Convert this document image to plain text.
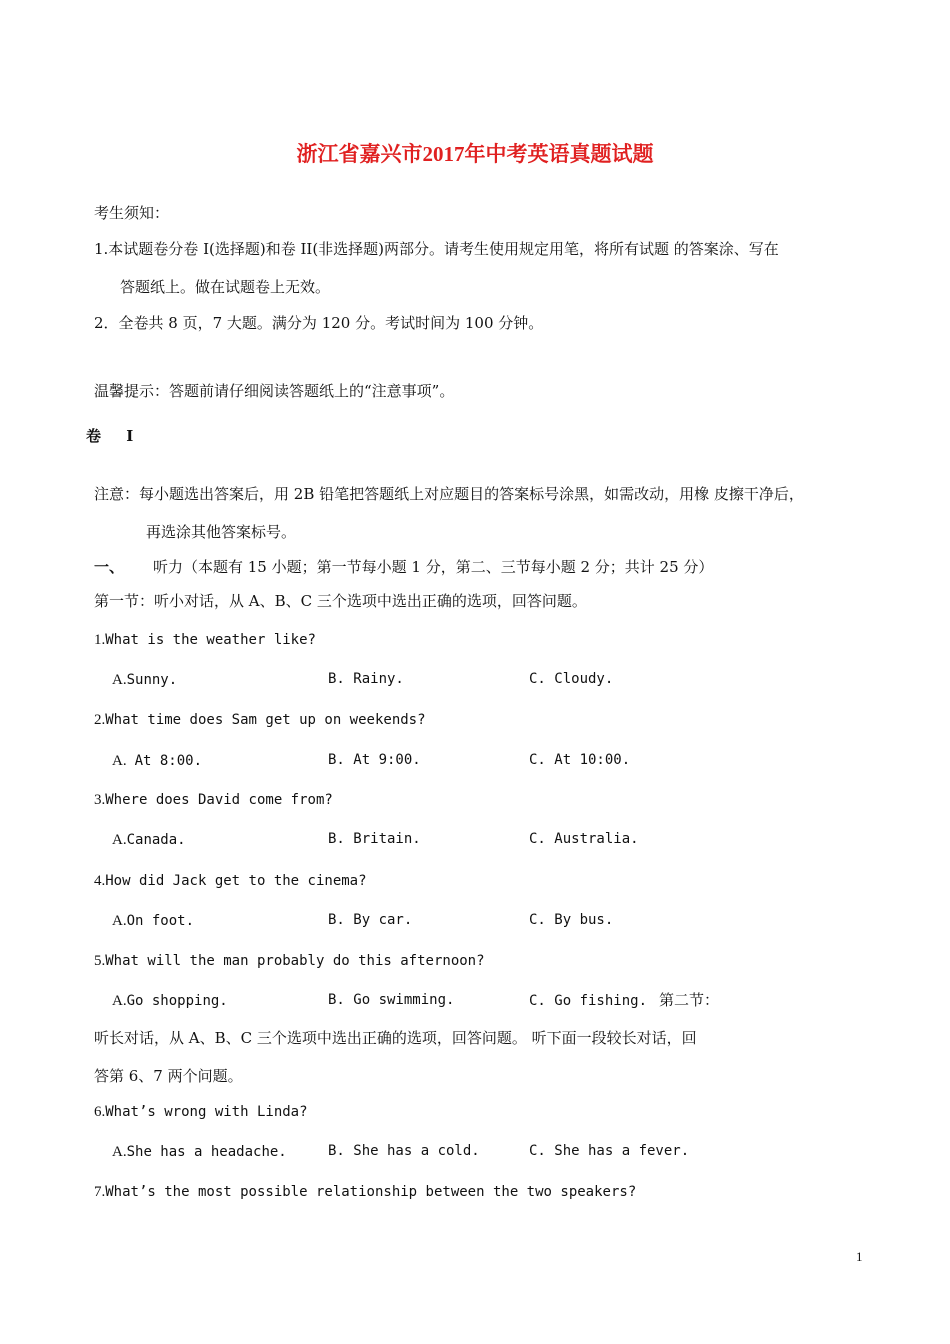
浙江省嘉兴市2017年中考英语真题试题
考生须知：
1.本试题卷分卷 I(选择题)和卷 II(非选择题)两部分。请考生使用规定用笔，将所有试题 的答案涂、写在
答题纸上。做在试题卷上无效。
2．全卷共 8 页，7 大题。满分为 120 分。考试时间为 100 分钟。
温馨提示：答题前请仔细阅读答题纸上的“注意事项”。
卷 I
注意：每小题选出答案后，用 2B 铅笔把答题纸上对应题目的答案标号涂黑，如需改动，用橡 皮擦干净后，
再选涂其他答案标号。
一、 听力（本题有 15 小题；第一节每小题 1 分，第二、三节每小题 2 分；共计 25 分）
第一节：听小对话，从 A、B、C 三个选项中选出正确的选项，回答问题。
1.What is the weather like?
A.Sunny.	B. Rainy.	C. Cloudy.
2.What time does Sam get up on weekends?
A. At 8:00.	B. At 9:00.	C. At 10:00.
3.Where does David come from?
A.Canada.	B. Britain.	C. Australia.
4.How did Jack get to the cinema?
A.On foot.	B. By car.	C. By bus.
5.What will the man probably do this afternoon?
A.Go shopping.	B. Go swimming.	C. Go fishing. 第二节：
听长对话，从 A、B、C 三个选项中选出正确的选项，回答问题。 听下面一段较长对话，回
答第 6、7 两个问题。
6.What’s wrong with Linda?
A.She has a headache.	B. She has a cold.	C. She has a fever.
7.What’s the most possible relationship between the two speakers?
1
